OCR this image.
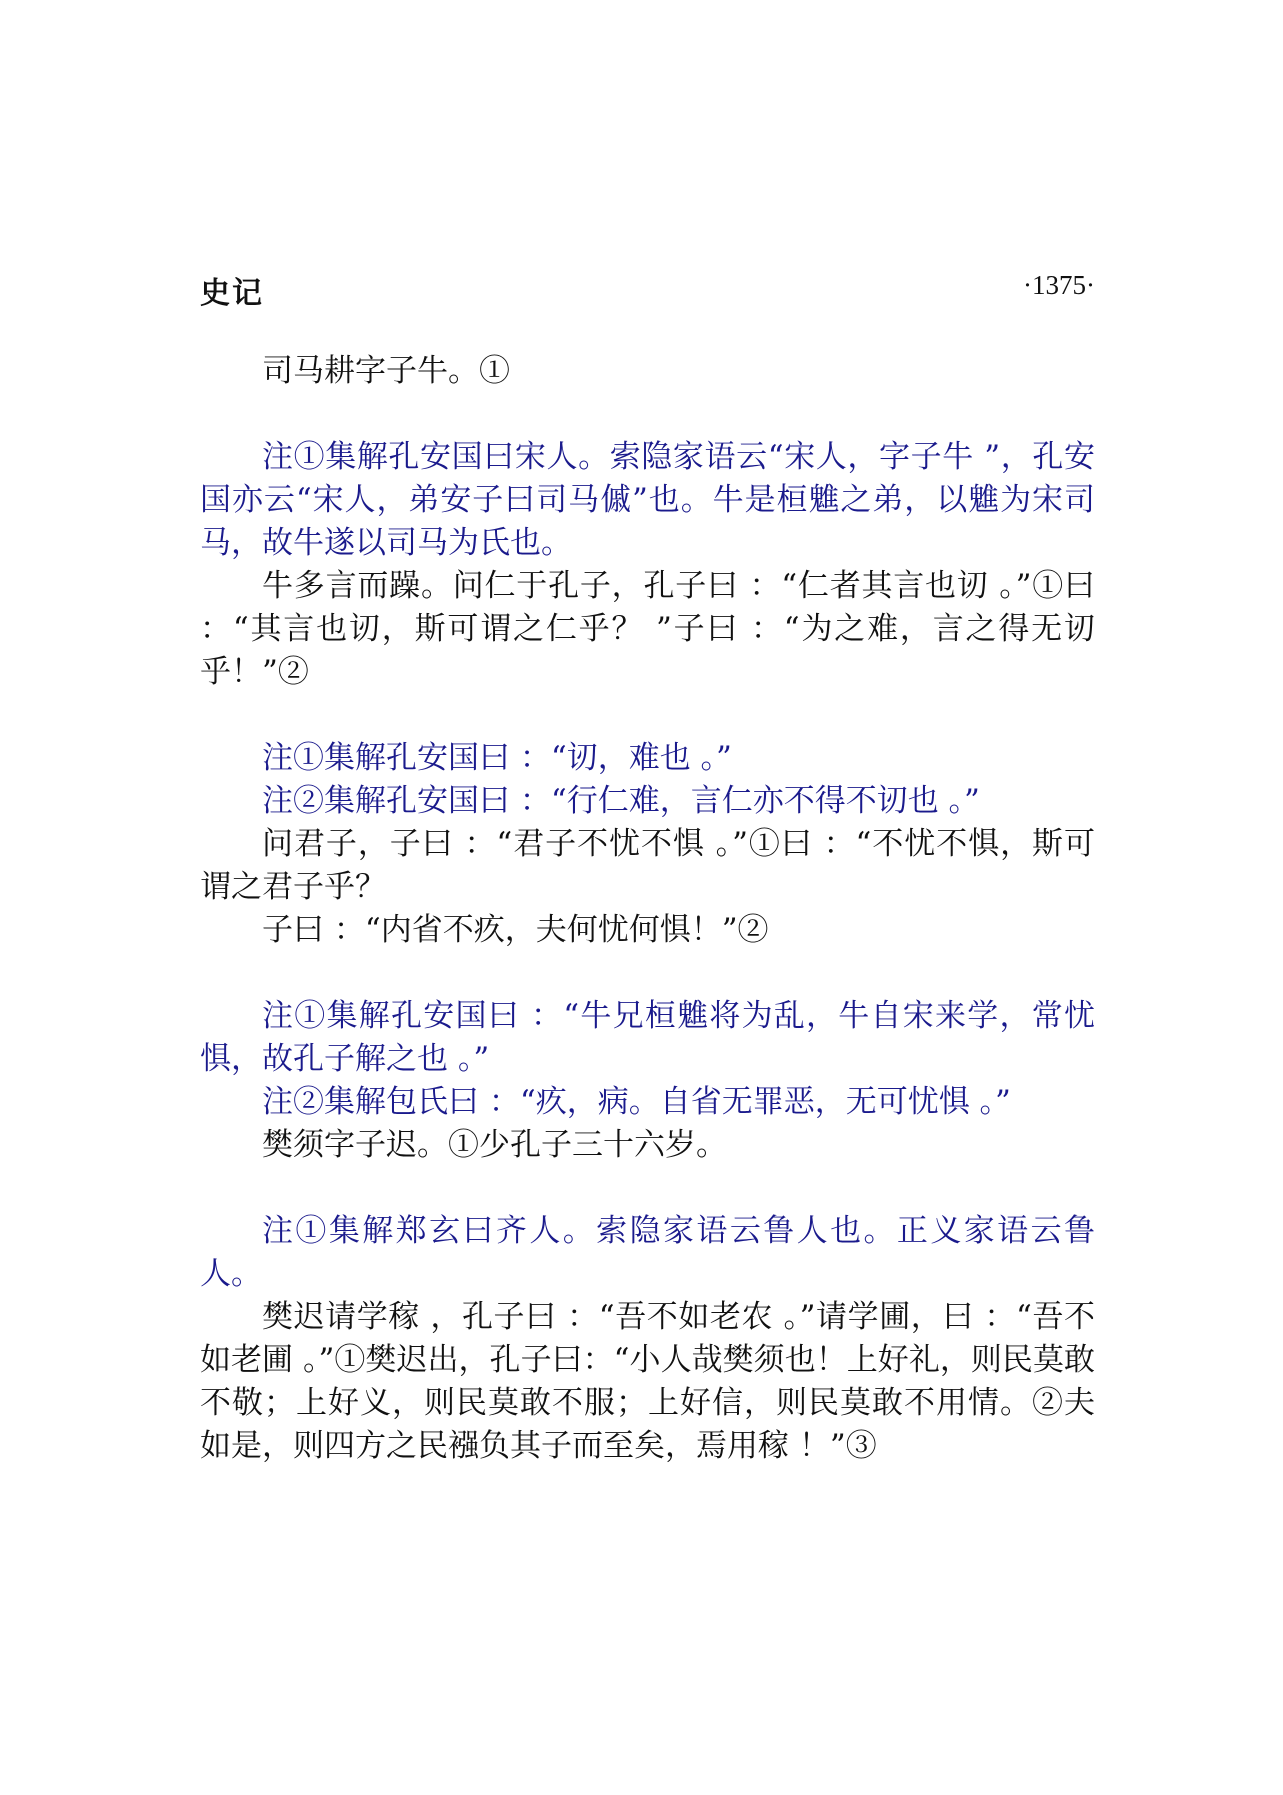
史记	·1375·

司马耕字子牛。①

注①集解孔安国曰宋人。索隐家语云“宋人，字子牛 ”，孔安国亦云“宋人，弟安子曰司马傶”也。牛是桓魋之弟，以魋为宋司马，故牛遂以司马为氏也。

牛多言而躁。问仁于孔子，孔子曰 ：“仁者其言也讱 。”①曰 ：“其言也讱，斯可谓之仁乎？ ”子曰 ：“为之难，言之得无讱乎！”②

注①集解孔安国曰 ：“讱，难也 。”

注②集解孔安国曰 ：“行仁难，言仁亦不得不讱也 。”

问君子，子曰 ：“君子不忧不惧 。”①曰 ：“不忧不惧，斯可谓之君子乎？

子曰 ：“内省不疚，夫何忧何惧！”②

注①集解孔安国曰 ：“牛兄桓魋将为乱，牛自宋来学，常忧惧，故孔子解之也 。”

注②集解包氏曰 ：“疚，病。自省无罪恶，无可忧惧 。”

樊须字子迟。①少孔子三十六岁。

注①集解郑玄曰齐人。索隐家语云鲁人也。正义家语云鲁人。

樊迟请学稼 ，孔子曰 ：“吾不如老农 。”请学圃，曰 ：“吾不如老圃 。”①樊迟出，孔子曰：“小人哉樊须也！上好礼，则民莫敢不敬；上好义，则民莫敢不服；上好信，则民莫敢不用情。②夫如是，则四方之民襁负其子而至矣，焉用稼 ！”③
